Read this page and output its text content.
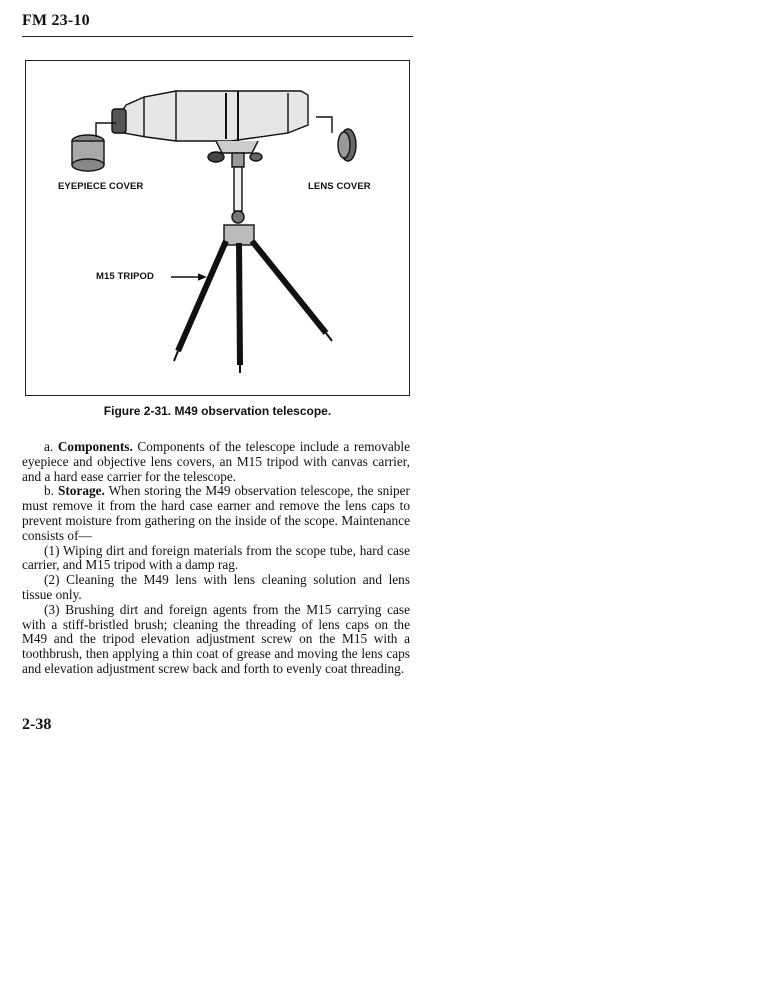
FM 23-10
EYEPIECE COVER	LENS COVER
M15 TRIPOD
Figure 2-31. M49 observation telescope.

a. Components. Components of the telescope include a removable eyepiece and objective lens covers, an M15 tripod with canvas carrier, and a hard ease carrier for the telescope.

b. Storage. When storing the M49 observation telescope, the sniper must remove it from the hard case earner and remove the lens caps to prevent moisture from gathering on the inside of the scope. Maintenance consists of—

(1) Wiping dirt and foreign materials from the scope tube, hard case carrier, and M15 tripod with a damp rag.

(2) Cleaning the M49 lens with lens cleaning solution and lens tissue only.

(3) Brushing dirt and foreign agents from the M15 carrying case with a stiff-bristled brush; cleaning the threading of lens caps on the M49 and the tripod elevation adjustment screw on the M15 with a toothbrush, then applying a thin coat of grease and moving the lens caps and elevation adjustment screw back and forth to evenly coat threading.

2-38
